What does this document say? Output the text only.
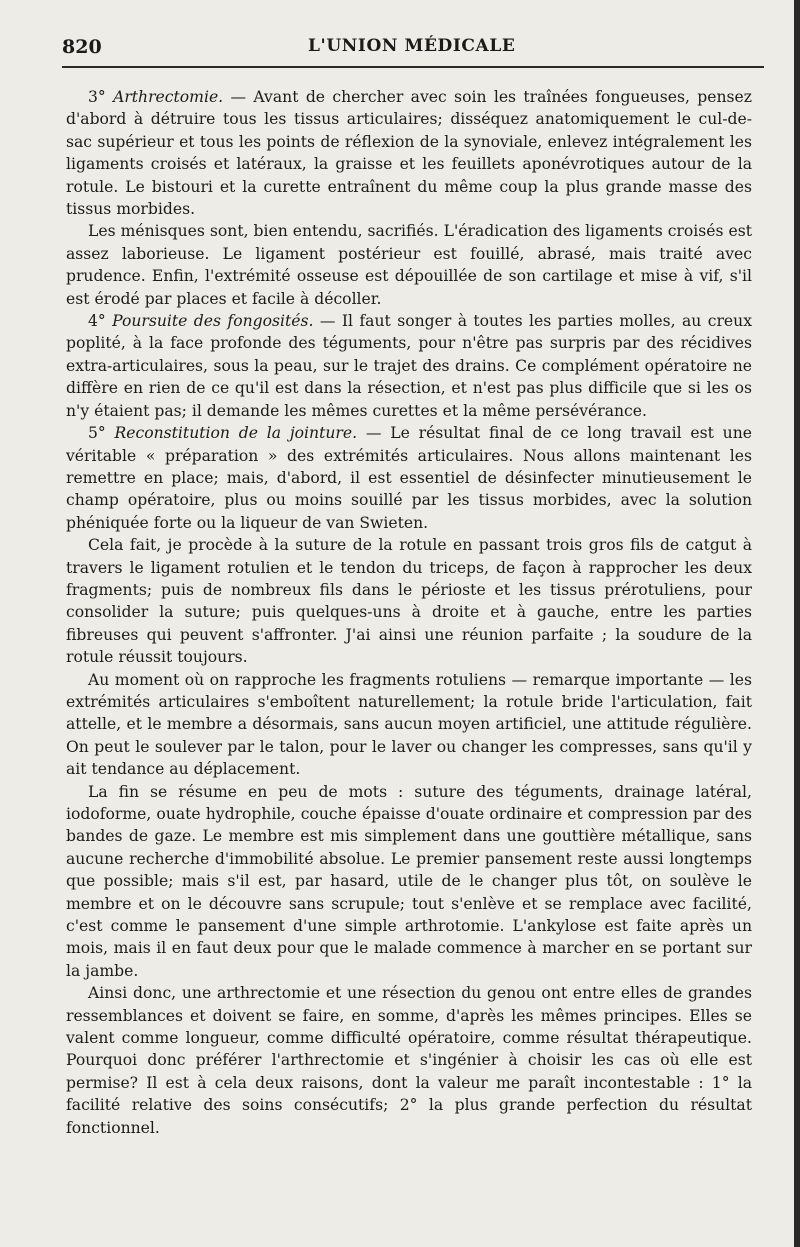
820	L'UNION MÉDICALE

3° Arthrectomie. — Avant de chercher avec soin les traînées fongueuses, pensez d'abord à détruire tous les tissus articulaires; disséquez anatomiquement le cul-de-sac supérieur et tous les points de réflexion de la synoviale, enlevez intégralement les ligaments croisés et latéraux, la graisse et les feuillets aponévrotiques autour de la rotule. Le bistouri et la curette entraînent du même coup la plus grande masse des tissus morbides.

Les ménisques sont, bien entendu, sacrifiés. L'éradication des ligaments croisés est assez laborieuse. Le ligament postérieur est fouillé, abrasé, mais traité avec prudence. Enfin, l'extrémité osseuse est dépouillée de son cartilage et mise à vif, s'il est érodé par places et facile à décoller.

4° Poursuite des fongosités. — Il faut songer à toutes les parties molles, au creux poplité, à la face profonde des téguments, pour n'être pas surpris par des récidives extra-articulaires, sous la peau, sur le trajet des drains. Ce complément opératoire ne diffère en rien de ce qu'il est dans la résection, et n'est pas plus difficile que si les os n'y étaient pas; il demande les mêmes curettes et la même persévérance.

5° Reconstitution de la jointure. — Le résultat final de ce long travail est une véritable « préparation » des extrémités articulaires. Nous allons maintenant les remettre en place; mais, d'abord, il est essentiel de désinfecter minutieusement le champ opératoire, plus ou moins souillé par les tissus morbides, avec la solution phéniquée forte ou la liqueur de van Swieten.

Cela fait, je procède à la suture de la rotule en passant trois gros fils de catgut à travers le ligament rotulien et le tendon du triceps, de façon à rapprocher les deux fragments; puis de nombreux fils dans le périoste et les tissus prérotuliens, pour consolider la suture; puis quelques-uns à droite et à gauche, entre les parties fibreuses qui peuvent s'affronter. J'ai ainsi une réunion parfaite ; la soudure de la rotule réussit toujours.

Au moment où on rapproche les fragments rotuliens — remarque importante — les extrémités articulaires s'emboîtent naturellement; la rotule bride l'articulation, fait attelle, et le membre a désormais, sans aucun moyen artificiel, une attitude régulière. On peut le soulever par le talon, pour le laver ou changer les compresses, sans qu'il y ait tendance au déplacement.

La fin se résume en peu de mots : suture des téguments, drainage latéral, iodoforme, ouate hydrophile, couche épaisse d'ouate ordinaire et compression par des bandes de gaze. Le membre est mis simplement dans une gouttière métallique, sans aucune recherche d'immobilité absolue. Le premier pansement reste aussi longtemps que possible; mais s'il est, par hasard, utile de le changer plus tôt, on soulève le membre et on le découvre sans scrupule; tout s'enlève et se remplace avec facilité, c'est comme le pansement d'une simple arthrotomie. L'ankylose est faite après un mois, mais il en faut deux pour que le malade commence à marcher en se portant sur la jambe.

Ainsi donc, une arthrectomie et une résection du genou ont entre elles de grandes ressemblances et doivent se faire, en somme, d'après les mêmes principes. Elles se valent comme longueur, comme difficulté opératoire, comme résultat thérapeutique. Pourquoi donc préférer l'arthrectomie et s'ingénier à choisir les cas où elle est permise? Il est à cela deux raisons, dont la valeur me paraît incontestable : 1° la facilité relative des soins consécutifs; 2° la plus grande perfection du résultat fonctionnel.
